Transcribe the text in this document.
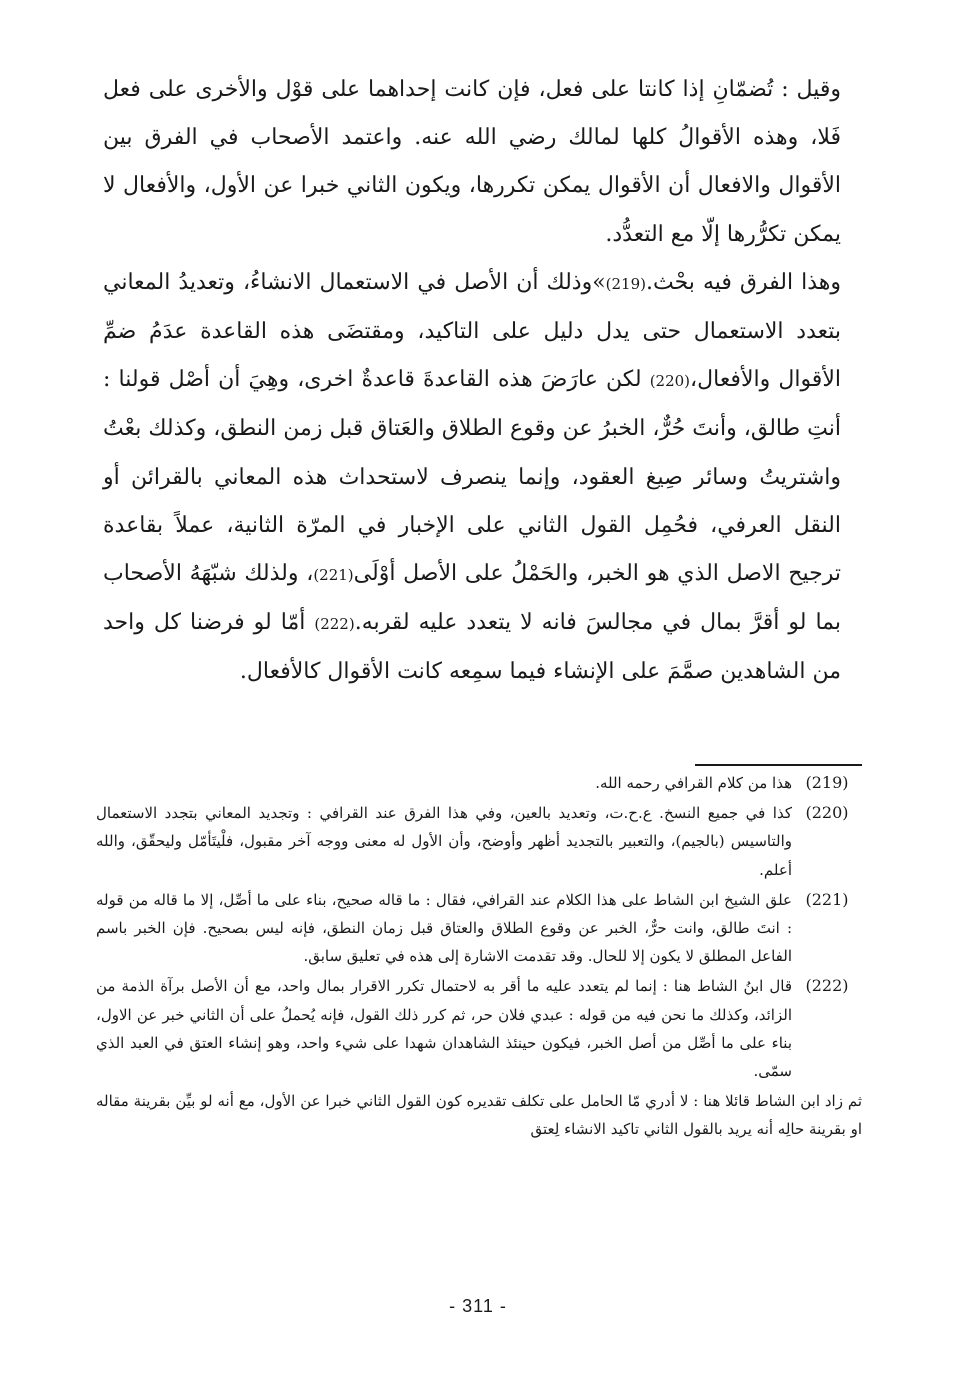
وقيل : تُضمّانِ إذا كانتا على فعل، فإن كانت إحداهما على قوْل والأخرى على فعل فَلا، وهذه الأقوالُ كلها لمالك رضي الله عنه. واعتمد الأصحاب في الفرق بين الأقوال والافعال أن الأقوال يمكن تكررها، ويكون الثاني خبرا عن الأول، والأفعال لا يمكن تكرُّرها إلّا مع التعدُّد.

وهذا الفرق فيه بحْث.(219)»وذلك أن الأصل في الاستعمال الانشاءُ، وتعديدُ المعاني بتعدد الاستعمال حتى يدل دليل على التاكيد، ومقتضَى هذه القاعدة عدَمُ ضمِّ الأقوال والأفعال،(220) لكن عارَضَ هذه القاعدةَ قاعدةٌ اخرى، وهِيَ أن أصْل قولنا : أنتِ طالق، وأنتَ حُرٌّ، الخبرُ عن وقوع الطلاق والعَتاق قبل زمن النطق، وكذلك بعْتُ واشتريتُ وسائر صِيغ العقود، وإنما ينصرف لاستحداث هذه المعاني بالقرائن أو النقل العرفي، فحُمِل القول الثاني على الإخبار في المرّة الثانية، عملاً بقاعدة ترجيح الاصل الذي هو الخبر، والحَمْلُ على الأصل أوْلَى(221)، ولذلك شبّهَهُ الأصحاب بما لو أقرَّ بمال في مجالسَ فانه لا يتعدد عليه لقربه.(222) أمّا لو فرضنا كل واحد من الشاهدين صمَّمَ على الإنشاء فيما سمِعه كانت الأقوال كالأفعال.

(219)
هذا من كلام القرافي رحمه الله.
(220)
كذا في جميع النسخ. ع.ح.ت، وتعديد بالعين، وفي هذا الفرق عند القرافي : وتجديد المعاني بتجدد الاستعمال والتاسيس (بالجيم)، والتعبير بالتجديد أظهر وأوضح، وأن الأول له معنى ووجه آخر مقبول، فلْيتَأمّل وليحقّق، والله أعلم.
(221)
علق الشيخ ابن الشاط على هذا الكلام عند القرافي، فقال : ما قاله صحيح، بناء على ما أصِّل، إلا ما قاله من قوله : انتَ طالق، وانت حرٌّ، الخبر عن وقوع الطلاق والعتاق قبل زمان النطق، فإنه ليس بصحيح. فإن الخبر باسم الفاعل المطلق لا يكون إلا للحال. وقد تقدمت الاشارة إلى هذه في تعليق سابق.
(222)
قال ابنُ الشاط هنا : إنما لم يتعدد عليه ما أقر به لاحتمال تكرر الاقرار بمال واحد، مع أن الأصل برآة الذمة من الزائد، وكذلك ما نحن فيه من قوله : عبدي فلان حر، ثم كرر ذلك القول، فإنه يُحملُ على أن الثاني خبر عن الاول، بناء على ما أصِّل من أصل الخبر، فيكون حينئذ الشاهدان شهدا على شيء واحد، وهو إنشاء العتق في العبد الذي سمّى.
ثم زاد ابن الشاط قائلا هنا : لا أدري مّا الحامل على تكلف تقديره كون القول الثاني خبرا عن الأول، مع أنه لو بيِّن بقرينة مقاله او بقرينة حالِه أنه يريد بالقول الثاني تاكيد الانشاء لِعتق
- 311 -
